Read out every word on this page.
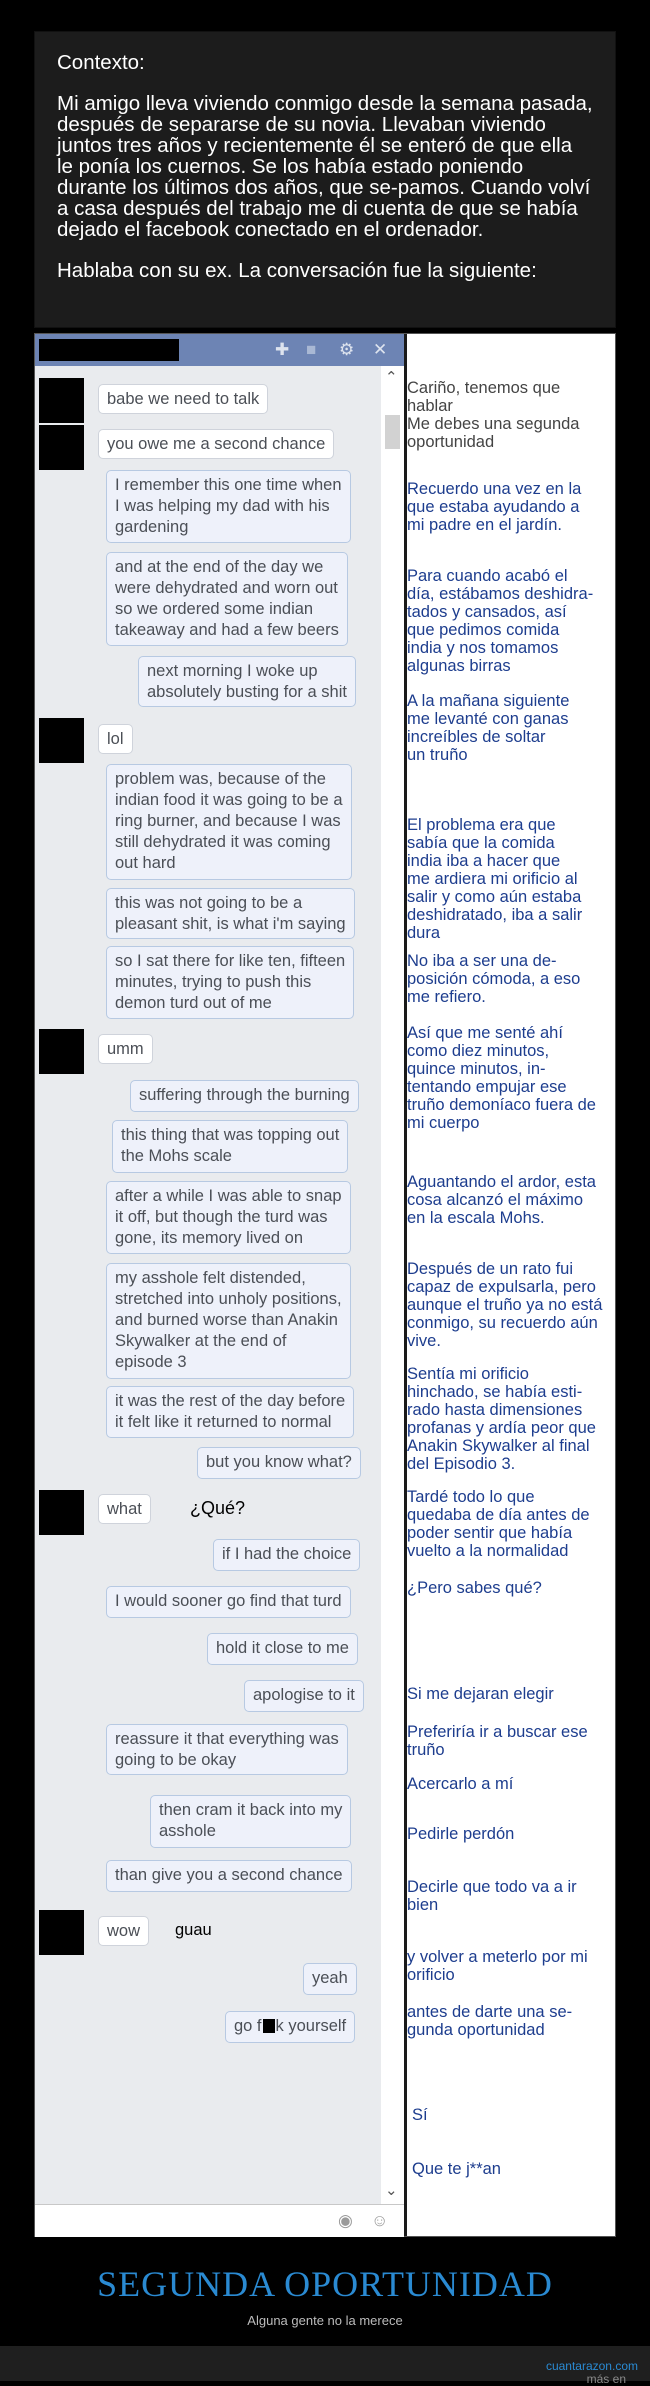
Contexto:

Mi amigo lleva viviendo conmigo desde la semana pasada, después de separarse de su novia. Llevaban viviendo juntos tres años y recientemente él se enteró de que ella le ponía los cuernos. Se los había estado poniendo durante los últimos dos años, que se-pamos. Cuando volví a casa después del trabajo me di cuenta de que se había dejado el facebook conectado en el ordenador.

Hablaba con su ex. La conversación fue la siguiente:

✚ ■ ⚙ ✕
babe we need to talk
you owe me a second chance
I remember this one time when
I was helping my dad with his
gardening
and at the end of the day we
were dehydrated and worn out
so we ordered some indian
takeaway and had a few beers
next morning I woke up
absolutely busting for a shit
lol
problem was, because of the
indian food it was going to be a
ring burner, and because I was
still dehydrated it was coming
out hard
this was not going to be a
pleasant shit, is what i'm saying
so I sat there for like ten, fifteen
minutes, trying to push this
demon turd out of me
umm
suffering through the burning
this thing that was topping out
the Mohs scale
after a while I was able to snap
it off, but though the turd was
gone, its memory lived on
my asshole felt distended,
stretched into unholy positions,
and burned worse than Anakin
Skywalker at the end of
episode 3
it was the rest of the day before
it felt like it returned to normal
but you know what?
what	¿Qué?
if I had the choice
I would sooner go find that turd
hold it close to me
apologise to it
reassure it that everything was
going to be okay
then cram it back into my
asshole
than give you a second chance
wow	guau
yeah
go f k yourself
⌃
⌄
◉ ☺
Cariño, tenemos que
hablar
Me debes una segunda
oportunidad
Recuerdo una vez en la
que estaba ayudando a
mi padre en el jardín.
Para cuando acabó el
día, estábamos deshidra-
tados y cansados, así
que pedimos comida
india y nos tomamos
algunas birras
A la mañana siguiente
me levanté con ganas
increíbles de soltar
un truño
El problema era que
sabía que la comida
india iba a hacer que
me ardiera mi orificio al
salir y como aún estaba
deshidratado, iba a salir
dura
No iba a ser una de-
posición cómoda, a eso
me refiero.
Así que me senté ahí
como diez minutos,
quince minutos, in-
tentando empujar ese
truño demoníaco fuera de
mi cuerpo
Aguantando el ardor, esta
cosa alcanzó el máximo
en la escala Mohs.
Después de un rato fui
capaz de expulsarla, pero
aunque el truño ya no está
conmigo, su recuerdo aún
vive.
Sentía mi orificio
hinchado, se había esti-
rado hasta dimensiones
profanas y ardía peor que
Anakin Skywalker al final
del Episodio 3.
Tardé todo lo que
quedaba de día antes de
poder sentir que había
vuelto a la normalidad
¿Pero sabes qué?
Si me dejaran elegir
Preferiría ir a buscar ese
truño
Acercarlo a mí
Pedirle perdón
Decirle que todo va a ir
bien
y volver a meterlo por mi
orificio
antes de darte una se-
gunda oportunidad
Sí
Que te j**an
SEGUNDA OPORTUNIDAD
Alguna gente no la merece
más en
cuantarazon.com
